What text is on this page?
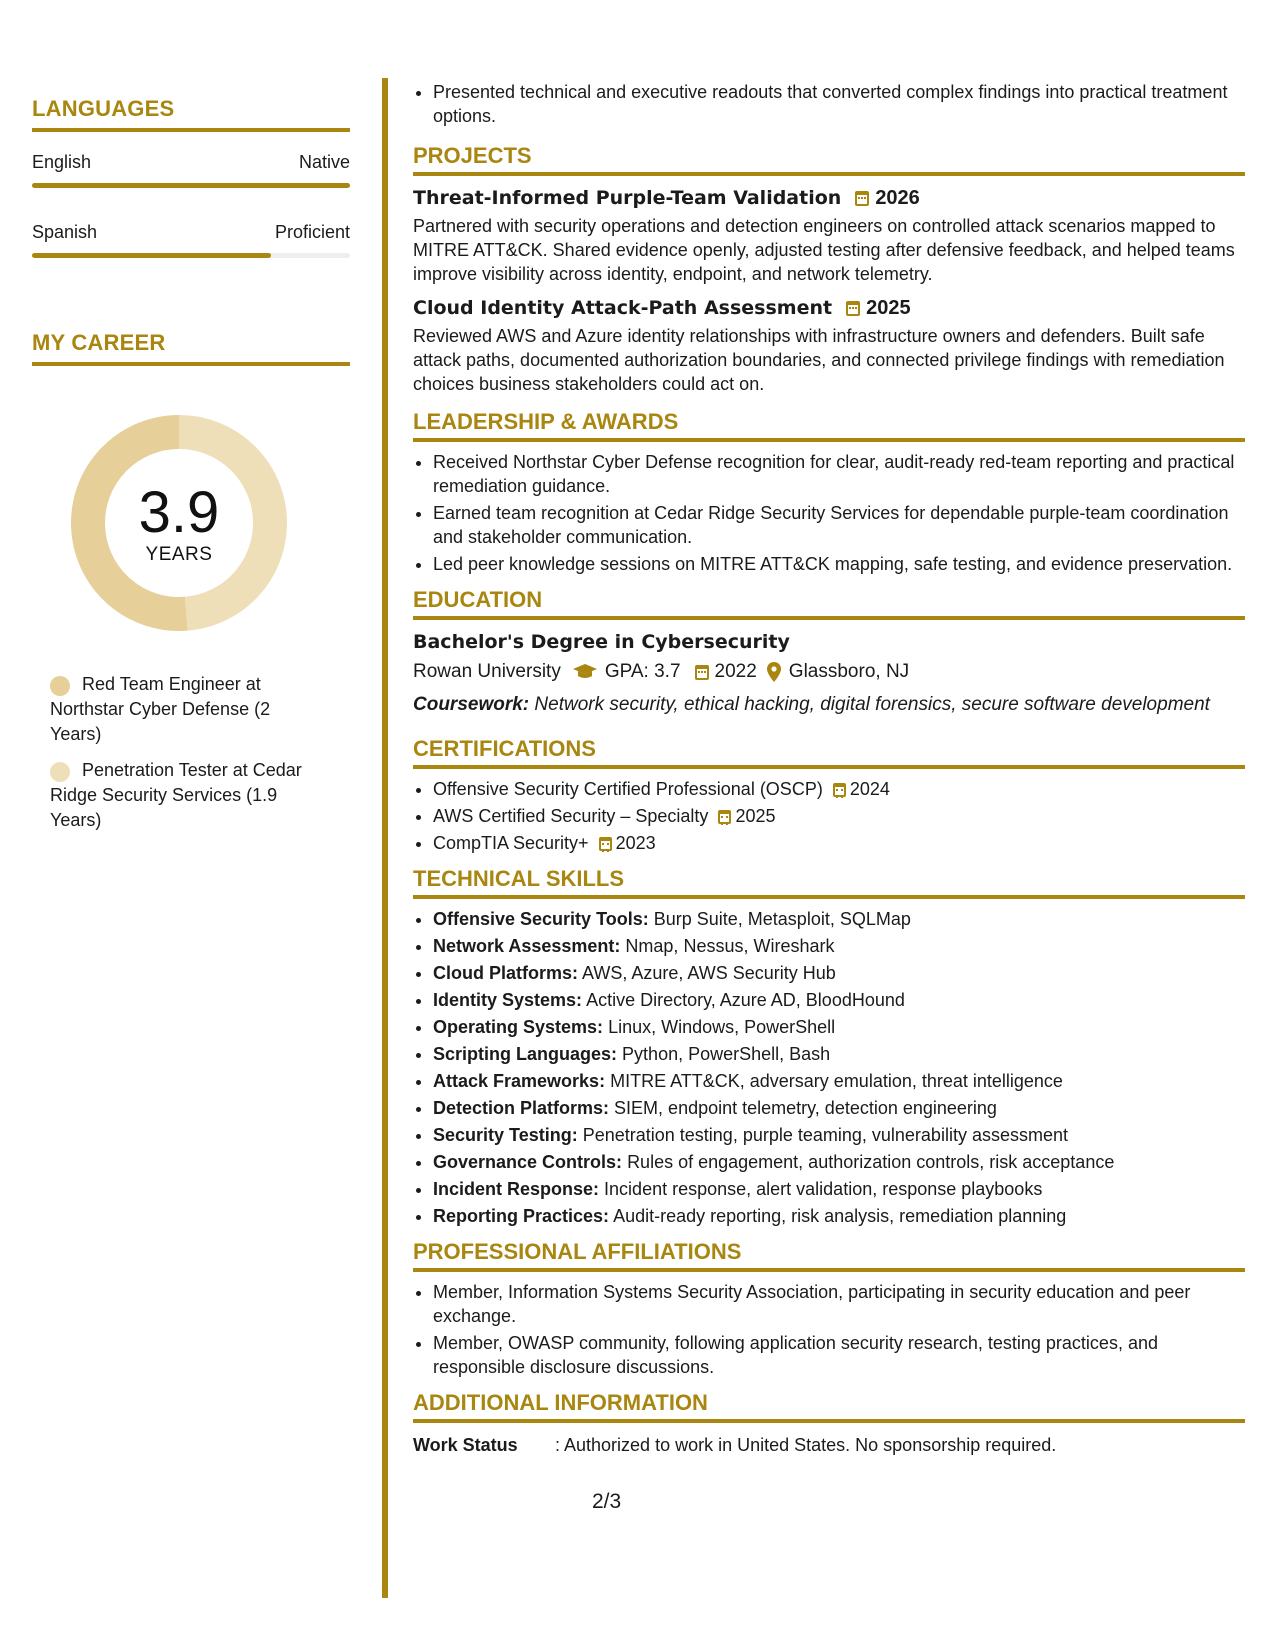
LANGUAGES
English	Native
Spanish	Proficient
MY CAREER
3.9
YEARS
Red Team Engineer at Northstar Cyber Defense (2 Years)
Penetration Tester at Cedar Ridge Security Services (1.9 Years)
• Presented technical and executive readouts that converted complex findings into practical treatment options.
PROJECTS
Threat-Informed Purple-Team Validation 2026
Partnered with security operations and detection engineers on controlled attack scenarios mapped to MITRE ATT&CK. Shared evidence openly, adjusted testing after defensive feedback, and helped teams improve visibility across identity, endpoint, and network telemetry.
Cloud Identity Attack-Path Assessment 2025
Reviewed AWS and Azure identity relationships with infrastructure owners and defenders. Built safe attack paths, documented authorization boundaries, and connected privilege findings with remediation choices business stakeholders could act on.
LEADERSHIP & AWARDS
• Received Northstar Cyber Defense recognition for clear, audit-ready red-team reporting and practical remediation guidance.
• Earned team recognition at Cedar Ridge Security Services for dependable purple-team coordination and stakeholder communication.
• Led peer knowledge sessions on MITRE ATT&CK mapping, safe testing, and evidence preservation.
EDUCATION
Bachelor's Degree in Cybersecurity
Rowan University GPA: 3.7 2022 Glassboro, NJ
Coursework: Network security, ethical hacking, digital forensics, secure software development
CERTIFICATIONS
• Offensive Security Certified Professional (OSCP) 2024
• AWS Certified Security – Specialty 2025
• CompTIA Security+ 2023
TECHNICAL SKILLS
• Offensive Security Tools: Burp Suite, Metasploit, SQLMap
• Network Assessment: Nmap, Nessus, Wireshark
• Cloud Platforms: AWS, Azure, AWS Security Hub
• Identity Systems: Active Directory, Azure AD, BloodHound
• Operating Systems: Linux, Windows, PowerShell
• Scripting Languages: Python, PowerShell, Bash
• Attack Frameworks: MITRE ATT&CK, adversary emulation, threat intelligence
• Detection Platforms: SIEM, endpoint telemetry, detection engineering
• Security Testing: Penetration testing, purple teaming, vulnerability assessment
• Governance Controls: Rules of engagement, authorization controls, risk acceptance
• Incident Response: Incident response, alert validation, response playbooks
• Reporting Practices: Audit-ready reporting, risk analysis, remediation planning
PROFESSIONAL AFFILIATIONS
• Member, Information Systems Security Association, participating in security education and peer exchange.
• Member, OWASP community, following application security research, testing practices, and responsible disclosure discussions.
ADDITIONAL INFORMATION
Work Status	: Authorized to work in United States. No sponsorship required.
2/3
